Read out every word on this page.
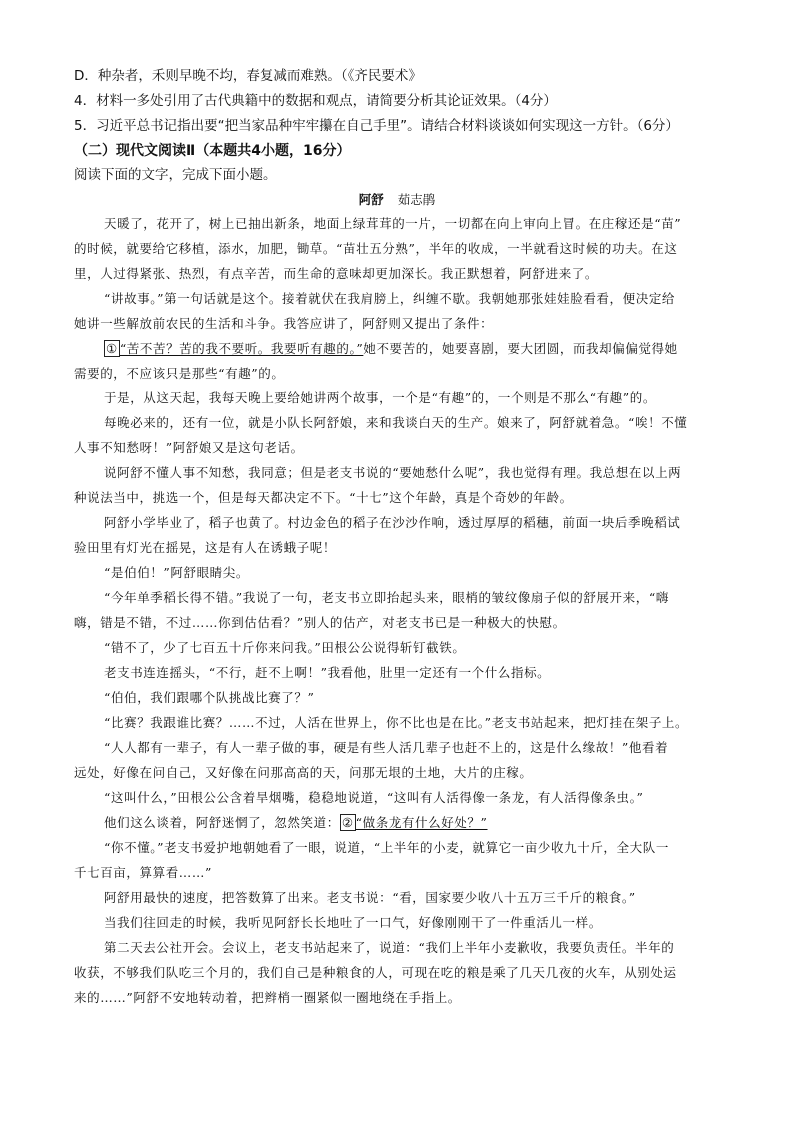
D．种杂者，禾则早晚不均，春复减而难熟。（《齐民要术》
4．材料一多处引用了古代典籍中的数据和观点，请简要分析其论证效果。（4分）
5．习近平总书记指出要“把当家品种牢牢攥在自己手里”。请结合材料谈谈如何实现这一方针。（6分）
（二）现代文阅读Ⅱ（本题共4小题，16分）
阅读下面的文字，完成下面小题。
阿舒 茹志鹃
天暖了，花开了，树上已抽出新条，地面上绿茸茸的一片，一切都在向上审向上冒。在庄稼还是“苗”
的时候，就要给它移植，添水，加肥，锄草。“苗壮五分熟”，半年的收成，一半就看这时候的功夫。在这
里，人过得紧张、热烈，有点辛苦，而生命的意味却更加深长。我正默想着，阿舒进来了。
“讲故事。”第一句话就是这个。接着就伏在我肩膀上，纠缠不歇。我朝她那张娃娃脸看看，便决定给
她讲一些解放前农民的生活和斗争。我答应讲了，阿舒则又提出了条件：
① “苦不苦？苦的我不要听。我要听有趣的。”她不要苦的，她要喜剧，要大团圆，而我却偏偏觉得她
需要的，不应该只是那些“有趣”的。
于是，从这天起，我每天晚上要给她讲两个故事，一个是“有趣”的，一个则是不那么“有趣”的。
每晚必来的，还有一位，就是小队长阿舒娘，来和我谈白天的生产。娘来了，阿舒就着急。“唉！不懂
人事不知愁呀！”阿舒娘又是这句老话。
说阿舒不懂人事不知愁，我同意；但是老支书说的“要她愁什么呢”，我也觉得有理。我总想在以上两
种说法当中，挑选一个，但是每天都决定不下。“十七”这个年龄，真是个奇妙的年龄。
阿舒小学毕业了，稻子也黄了。村边金色的稻子在沙沙作响，透过厚厚的稻穗，前面一块后季晚稻试
验田里有灯光在摇晃，这是有人在诱蛾子呢！
“是伯伯！”阿舒眼睛尖。
“今年单季稻长得不错。”我说了一句，老支书立即抬起头来，眼梢的皱纹像扇子似的舒展开来，“嗨
嗨，错是不错，不过……你到估估看？”别人的估产，对老支书已是一种极大的快慰。
“错不了，少了七百五十斤你来问我。”田根公公说得斩钉截铁。
老支书连连摇头，“不行，赶不上啊！”我看他，肚里一定还有一个什么指标。
“伯伯，我们跟哪个队挑战比赛了？”
“比赛？我跟谁比赛？……不过，人活在世界上，你不比也是在比。”老支书站起来，把灯挂在架子上。
“人人都有一辈子，有人一辈子做的事，硬是有些人活几辈子也赶不上的，这是什么缘故！”他看着
远处，好像在问自己，又好像在问那高高的天，问那无垠的土地，大片的庄稼。
“这叫什么，”田根公公含着旱烟嘴，稳稳地说道，“这叫有人活得像一条龙，有人活得像条虫。”
他们这么谈着，阿舒迷惘了，忽然笑道： ② “做条龙有什么好处？”
“你不懂。”老支书爱护地朝她看了一眼，说道，“上半年的小麦，就算它一亩少收九十斤，全大队一
千七百亩，算算看……”
阿舒用最快的速度，把答数算了出来。老支书说：“看，国家要少收八十五万三千斤的粮食。”
当我们往回走的时候，我听见阿舒长长地吐了一口气，好像刚刚干了一件重活儿一样。
第二天去公社开会。会议上，老支书站起来了，说道：“我们上半年小麦歉收，我要负责任。半年的
收获，不够我们队吃三个月的，我们自己是种粮食的人，可现在吃的粮是乘了几天几夜的火车，从别处运
来的……”阿舒不安地转动着，把辫梢一圈紧似一圈地绕在手指上。
